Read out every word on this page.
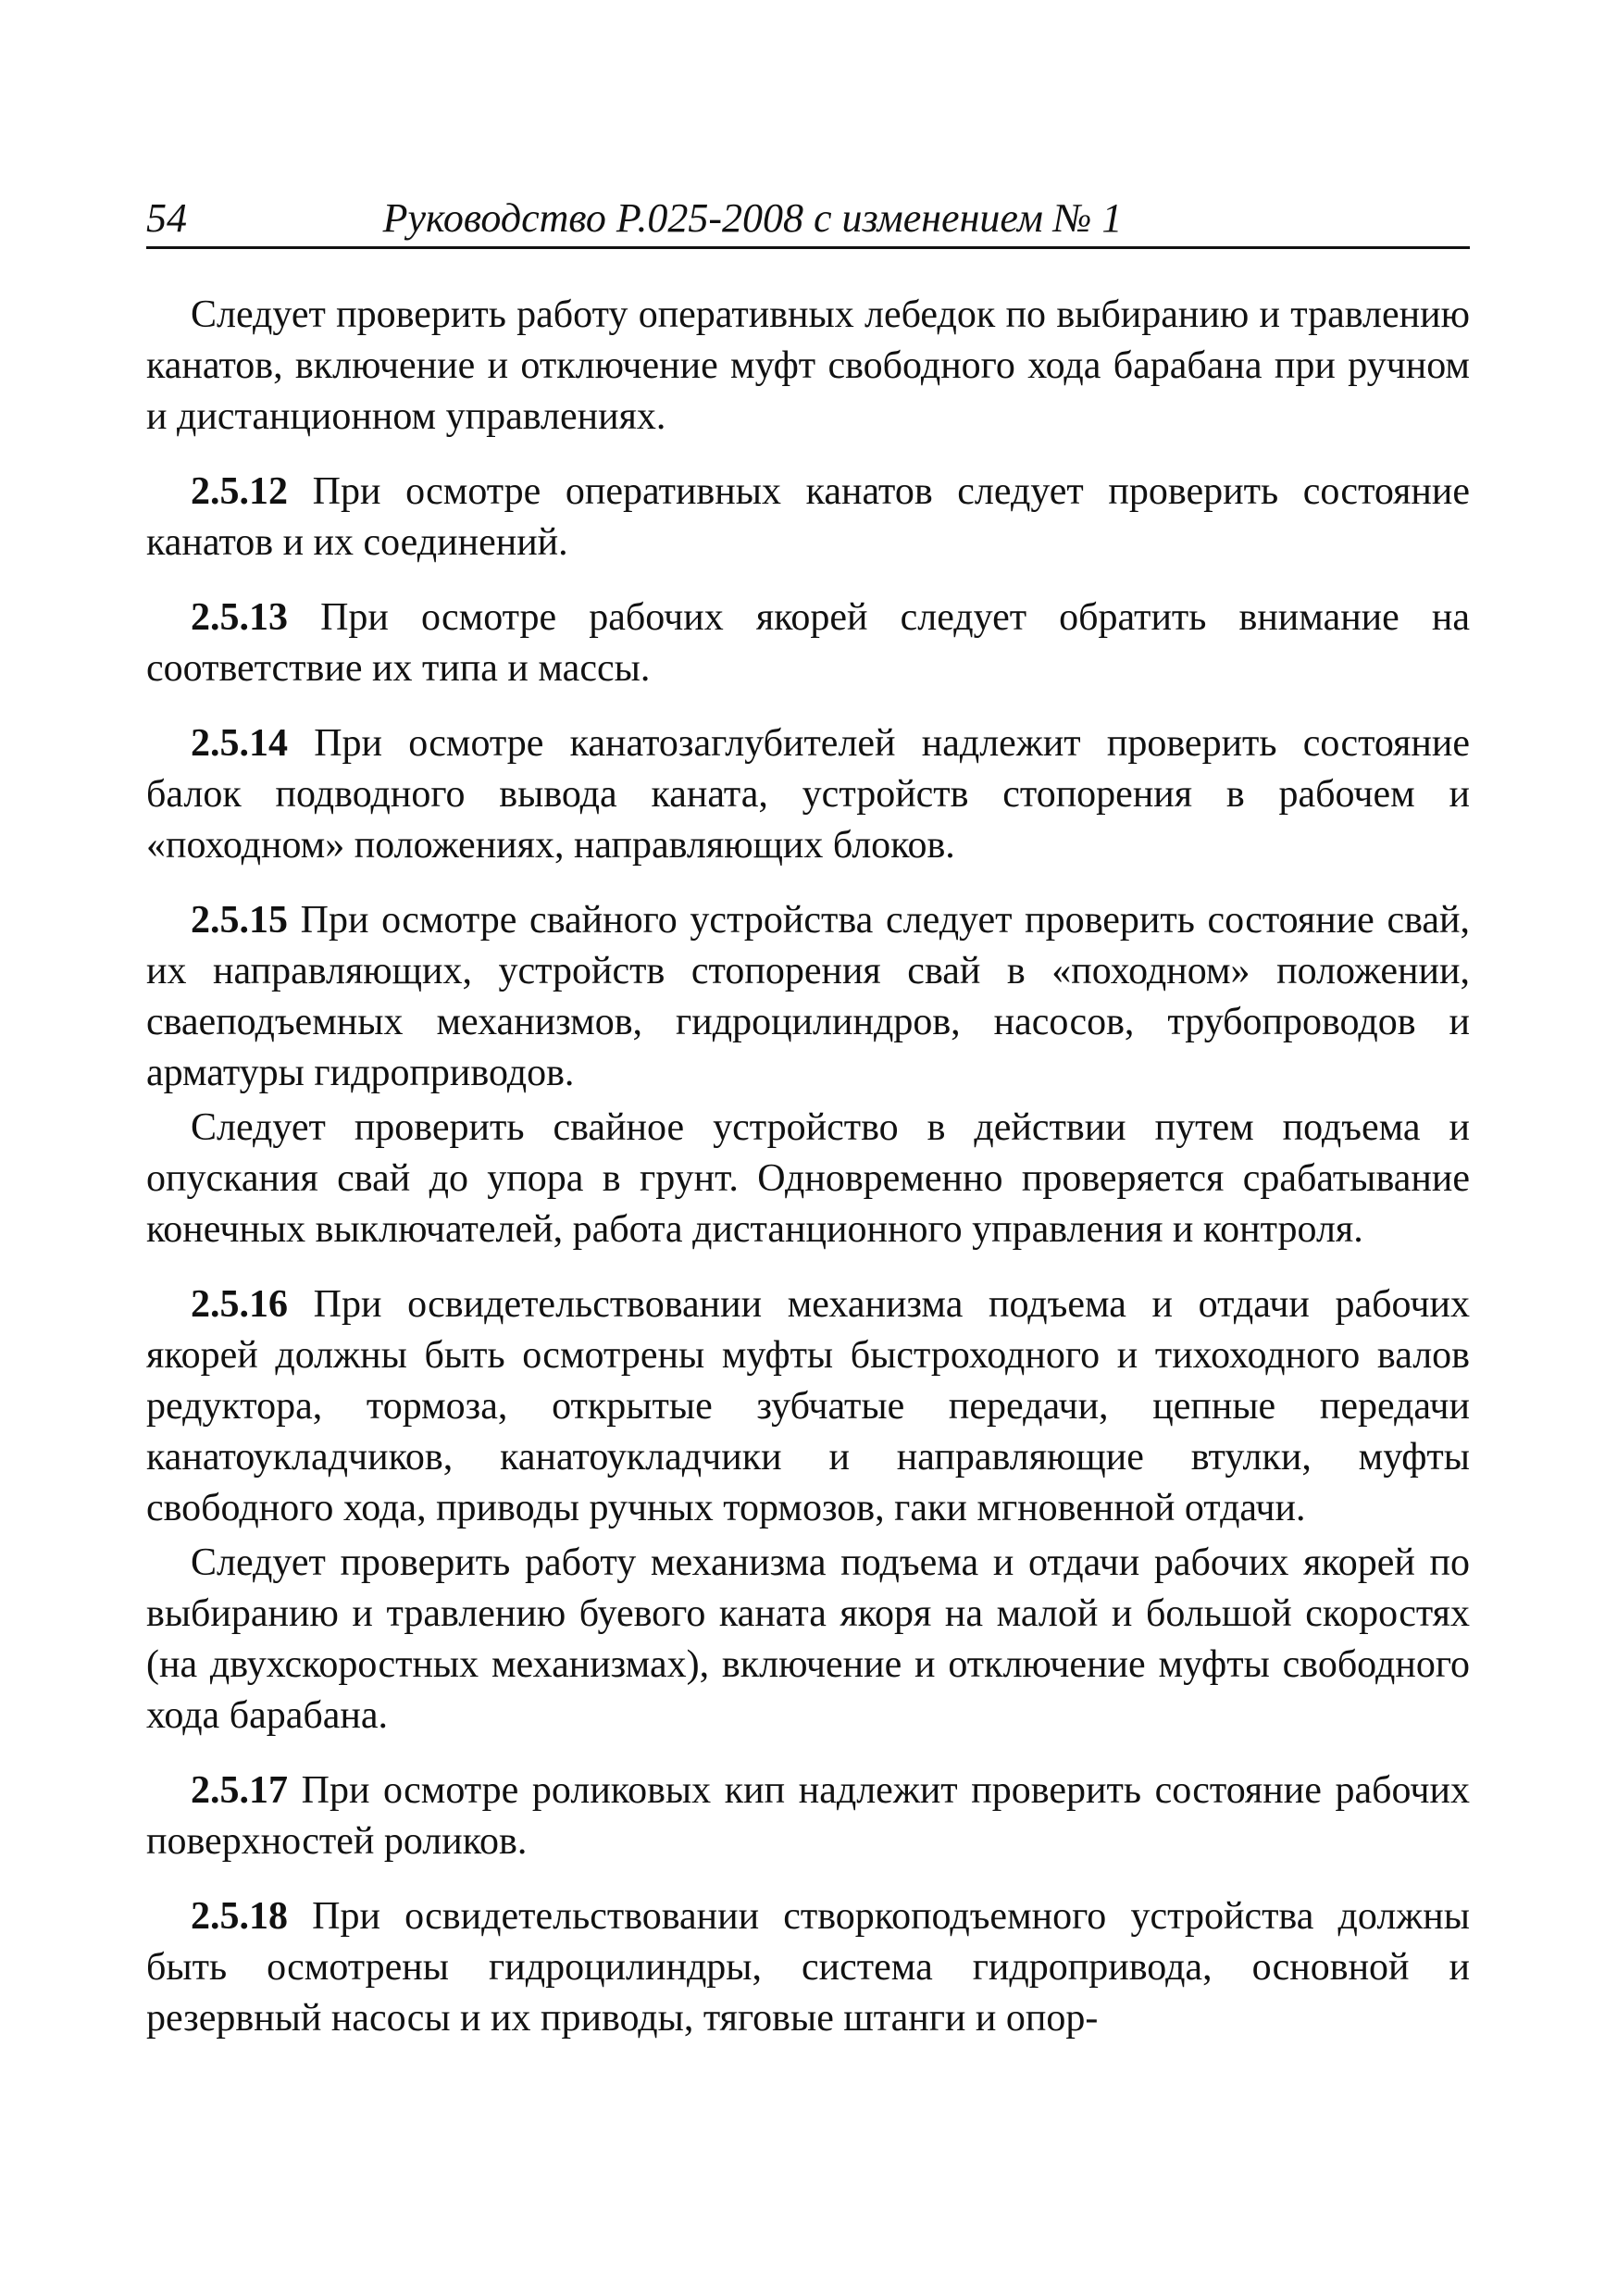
54	Руководство Р.025-2008 с изменением № 1

Следует проверить работу оперативных лебедок по выбиранию и травлению канатов, включение и отключение муфт свободного хода барабана при ручном и дистанционном управлениях.

2.5.12 При осмотре оперативных канатов следует проверить состояние канатов и их соединений.

2.5.13 При осмотре рабочих якорей следует обратить внимание на соответствие их типа и массы.

2.5.14 При осмотре канатозаглубителей надлежит проверить состояние балок подводного вывода каната, устройств стопорения в рабочем и «походном» положениях, направляющих блоков.

2.5.15 При осмотре свайного устройства следует проверить состояние свай, их направляющих, устройств стопорения свай в «походном» положении, сваеподъемных механизмов, гидроцилиндров, насосов, трубопроводов и арматуры гидроприводов.

Следует проверить свайное устройство в действии путем подъема и опускания свай до упора в грунт. Одновременно проверяется срабатывание конечных выключателей, работа дистанционного управления и контроля.

2.5.16 При освидетельствовании механизма подъема и отдачи рабочих якорей должны быть осмотрены муфты быстроходного и тихоходного валов редуктора, тормоза, открытые зубчатые передачи, цепные передачи канатоукладчиков, канатоукладчики и направляющие втулки, муфты свободного хода, приводы ручных тормозов, гаки мгновенной отдачи.

Следует проверить работу механизма подъема и отдачи рабочих якорей по выбиранию и травлению буевого каната якоря на малой и большой скоростях (на двухскоростных механизмах), включение и отключение муфты свободного хода барабана.

2.5.17 При осмотре роликовых кип надлежит проверить состояние рабочих поверхностей роликов.

2.5.18 При освидетельствовании створкоподъемного устройства должны быть осмотрены гидроцилиндры, система гидропривода, основной и резервный насосы и их приводы, тяговые штанги и опор-
